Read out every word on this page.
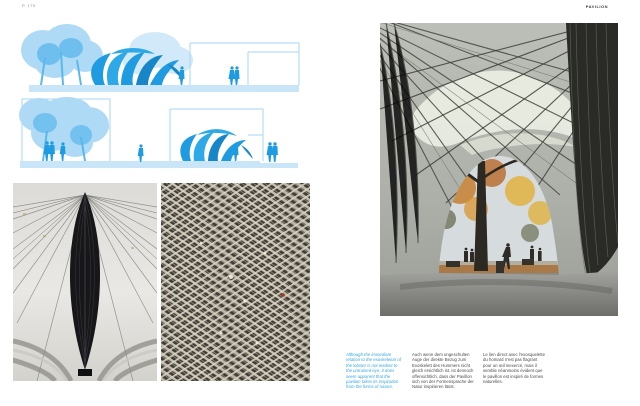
P. 170	PAVILION

Although the immediate relation to the exoskeleton of the lobster is not evident to the untrained eye, it does seem apparent that the pavilion takes its inspiration from the forms of nature.

Auch wenn dem ungeschulten Auge der direkte Bezug zum Exoskelett des Hummers nicht gleich ersichtlich ist, ist dennoch offensichtlich, dass der Pavillon sich von der Formensprache der Natur inspirieren lässt.

Le lien direct avec l'exosquelette du homard n'est pas flagrant pour un œil inexercé, mais il semble néanmoins évident que le pavillon est inspiré de formes naturelles.
